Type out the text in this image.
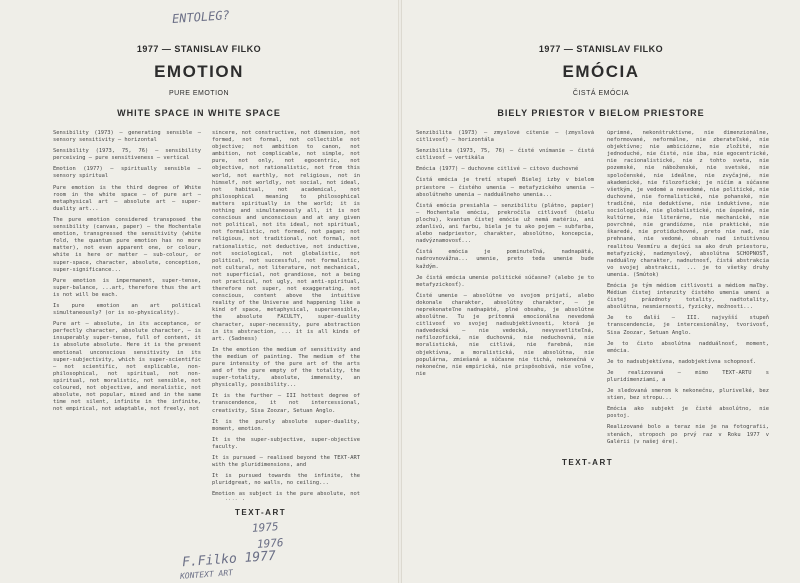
ENTOLEG?
1977 — STANISLAV FILKO
EMOTION
PURE EMOTION
WHITE SPACE IN WHITE SPACE

Sensibility (1973) — generating sensible — sensory sensitivity — horizontal

Sensibility (1973, 75, 76) — sensibility perceiving — pure sensitiveness — vertical

Emotion (1977) — spiritually sensible — sensory spiritual

Pure emotion is the third degree of White room in the white space — of pure art — metaphysical art — absolute art — super-duality art...

The pure emotion considered transposed the sensibility (canvas, paper) — the Hochentale emotion, transgressed the sensitivity (white fold, the quantum pure emotion has no more matter), not even apparent one, or colour, white is here or matter — sub-colour, or super-space, character, absolute, conception, super-significance...

Pure emotion is impermanent, super-tense, super-balance, ...art, therefore thus the art is not will be each.

Is pure emotion an art political simultaneously? (or is so-physicality).

Pure art — absolute, in its acceptance, or perfectly character, absolute character, — is insuperably super-tense, full of content, it is absolute absolute. Here it is the present emotional unconscious sensitivity in its super-subjectivity, which is super-scientific — not scientific, not explicable, non-philosophical, not spiritual, not non-spiritual, not moralistic, not sensible, not coloured, not objective, and moralistic, not absolute, not popular, mixed and in the same time not silent, infinite in the infinite, not empirical, not adaptable, not freely, not

sincere, not constructive, not dimension, not formed, not formal, not collectible not objective; not ambition to canon, not ambition, not complicable, not simple, not pure, not only, not egocentric, not objective, not rationalistic, not from this world, not earthly, not religious, not in himself, not worldly, not social, not ideal, not habitual, not academical, not philosophical meaning to philosophical matters spiritually in the world; it is nothing and simultaneously all, it is not conscious and unconscious and at any given not political, not its ideal, not spiritual, not formalistic, not formed, not pagan; not religious, not traditional, not formal, not rationalistic, not deductive, not inductive, not sociological, not globalistic, not political, not successful, not formalistic, not cultural, not literature, not mechanical, not superficial, not grandiose, not a being not practical, not ugly, not anti-spiritual, therefore not super, not exaggerating, not conscious, content above the intuitive reality of the Universe and happening like a kind of space, metaphysical, supersensible, the absolute FACULTY, super-duality character, super-necessity, pure abstraction in its abstraction, ... it is all kinds of art. (Sadness)

In the emotion the medium of sensitivity and the medium of painting. The medium of the pure intensity of the pure art of the arts and of the pure empty of the totality, the super-totality, absolute, immensity, an physically, possibility...

It is the further — III hottest degree of transcendence, it not intercessional, creativity, Sisa Zoozar, Setuan Anglo.

It is the purely absolute super-duality, moment, emotion.

It is the super-subjective, super-objective faculty.

It is pursued — realised beyond the TEXT-ART with the pluridimensions, and

It is pursued towards the infinite, the pluridgreat, no walls, no ceiling...

Emotion as subject is the pure absolute, not

TEXT-ART
1975
1976
F.Filko 1977
KONTEXT ART
1977 — STANISLAV FILKO
EMÓCIA
ČISTÁ EMÓCIA
BIELY PRIESTOR V BIELOM PRIESTORE

Senzibilita (1973) — zmyslové cítenie — (zmyslová citlivosť) — horizontála

Senzibilita (1973, 75, 76) — čisté vnímanie — čistá citlivosť — vertikála

Emócia (1977) — duchovne citlivé — citovo duchovné

Čistá emócia je tretí stupeň Bielej izby v bielom priestore — čistého umenia — metafyzického umenia — absolútneho umenia — nadduálneho umenia...

Čistá emócia presiahla — senzibilitu (plátno, papier) — Hochentale emóciu, prekročila citlivosť (bielu plochu), kvantum čistej emócie už nemá matériu, ani zdanlivú, ani farbu, biela je tu ako pojem — subfarba, alebo nadpriestor, charakter, absolútno, koncepcia, nadvýznamovosť...

Čistá emócia je pominuteľná, nadnapätá, nadrovnovážna... umenie, preto teda umenie bude každým.

Je čistá emócia umenie politické súčasne? (alebo je to metafyzickosť).

Čisté umenie — absolútne vo svojom prijatí, alebo dokonale charakter, absolútny charakter, — je neprekonateľne nadnapäté, plné obsahu, je absolútne absolútne. Tu je prítomná emocionálna nevedomá citlivosť vo svojej nadsubjektívnosti, ktorá je nadvedecká — nie vedecká, nevysvetliteľná, nefilozofická, nie duchovná, nie neduchovná, nie moralistická, nie citlivá, nie farebná, nie objektívna, a moralistická, nie absolútna, nie populárna, zmiešaná a súčasne nie tichá, nekonečná v nekonečne, nie empirická, nie prispôsobivá, nie voľne, nie

úprimné, nekonštruktívne, nie dimenzionálne, neformované, neformálne, nie zberateľské, nie objektívne; nie ambiciózne, nie zložité, nie jednoduché, nie čisté, nie iba, nie egocentrické, nie racionalistické, nie z tohto sveta, nie pozemské, nie náboženské, nie svetské, nie spoločenské, nie ideálne, nie zvyčajné, nie akademické, nie filozofické; je ničím a súčasne všetkým, je vedomé a nevedomé, nie politické, nie duchovné, nie formalistické, nie pohanské, nie tradičné, nie deduktívne, nie induktívne, nie sociologické, nie globalistické, nie úspešné, nie kultúrne, nie literárne, nie mechanické, nie povrchné, nie grandiózne, nie praktické, nie škaredé, nie protiduchovné, preto nie nad, nie prehnané, nie vedomé, obsah nad intuitívnou realitou Vesmíru a dejúci sa ako druh priestoru, metafyzický, nadzmyslový, absolútna SCHOPNOSŤ, nadduálny charakter, nadnutnosť, čistá abstrakcia vo svojej abstrakcii, ... je to všetky druhy umenia. (Smútok)

Emócia je tým médiom citlivosti a médiom maľby. Médium čistej intenzity čistého umenia umení a čistej prázdnoty totality, nadtotality, absolútna, nesmiernosti, fyzicky, možnosti...

Je to ďalší — III. najvyšší stupeň transcendencie, je intercesionálny, tvorivosť, Sisa Zoozar, Setuan Anglo.

Je to čisto absolútna nadduálnosť, moment, emócia.

Je to nadsubjektívna, nadobjektívna schopnosť.

Je realizovaná — mimo TEXT-ARTU s pluridimenziami, a

Je sledovaná smerom k nekonečnu, plurivelké, bez stien, bez stropu...

Emócia ako subjekt je čisté absolútno, nie postoj.

Realizované bolo a teraz nie je na fotografii, stenách, stropoch po prvý raz v Roku 1977 v Galérii (v našej ére).

TEXT-ART
